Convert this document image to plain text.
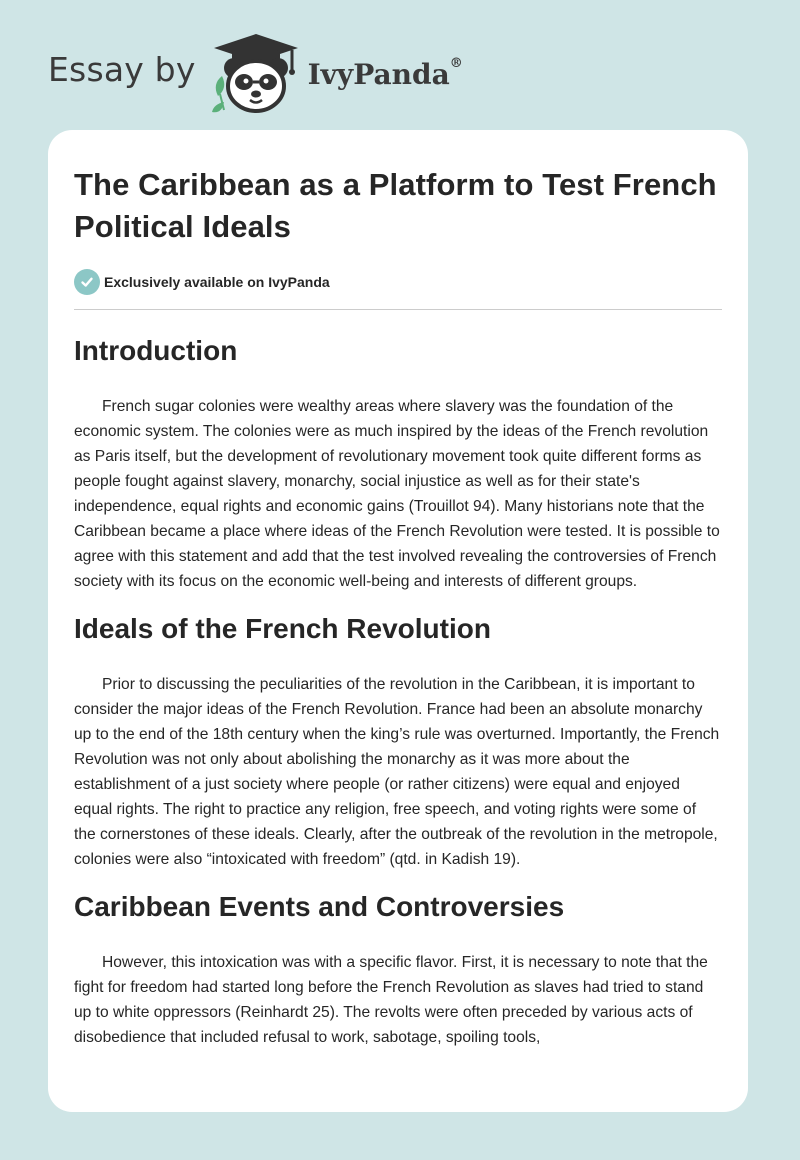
Essay by	IvyPanda®
The Caribbean as a Platform to Test French Political Ideals
Exclusively available on IvyPanda
Introduction

French sugar colonies were wealthy areas where slavery was the foundation of the economic system. The colonies were as much inspired by the ideas of the French revolution as Paris itself, but the development of revolutionary movement took quite different forms as people fought against slavery, monarchy, social injustice as well as for their state's independence, equal rights and economic gains (Trouillot 94). Many historians note that the Caribbean became a place where ideas of the French Revolution were tested. It is possible to agree with this statement and add that the test involved revealing the controversies of French society with its focus on the economic well-being and interests of different groups.

Ideals of the French Revolution

Prior to discussing the peculiarities of the revolution in the Caribbean, it is important to consider the major ideas of the French Revolution. France had been an absolute monarchy up to the end of the 18th century when the king’s rule was overturned. Importantly, the French Revolution was not only about abolishing the monarchy as it was more about the establishment of a just society where people (or rather citizens) were equal and enjoyed equal rights. The right to practice any religion, free speech, and voting rights were some of the cornerstones of these ideals. Clearly, after the outbreak of the revolution in the metropole, colonies were also “intoxicated with freedom” (qtd. in Kadish 19).

Caribbean Events and Controversies

However, this intoxication was with a specific flavor. First, it is necessary to note that the fight for freedom had started long before the French Revolution as slaves had tried to stand up to white oppressors (Reinhardt 25). The revolts were often preceded by various acts of disobedience that included refusal to work, sabotage, spoiling tools,
